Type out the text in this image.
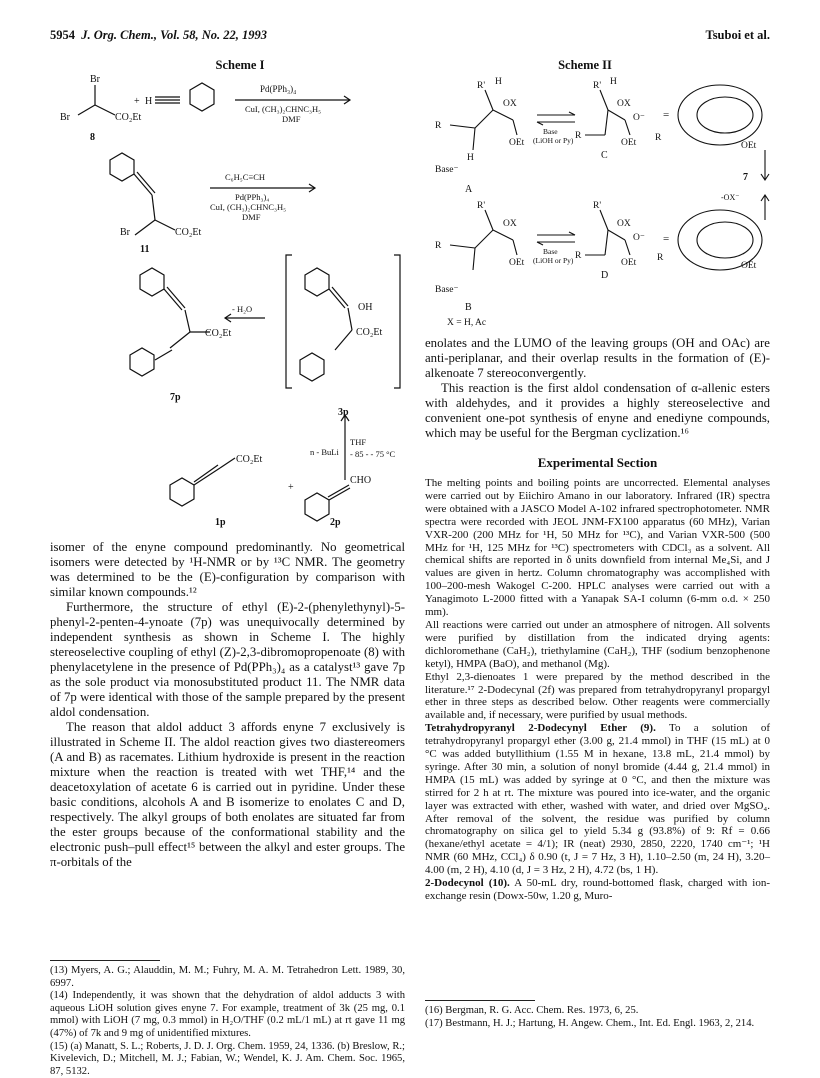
5954 J. Org. Chem., Vol. 58, No. 22, 1993	Tsuboi et al.
Scheme I
Br
Br	CO₂Et
8
+ H
Pd(PPh₃)₄
CuI, (CH₃)₂CHNC₃H₅
DMF
C₆H₅C≡CH
Pd(PPh₃)₄
CuI, (CH₃)₂CHNC₃H₅
DMF
Br	CO₂Et
11
- H₂O
CO₂Et
7p
OH
CO₂Et
3p
n - BuLi
THF
- 85 - - 75 °C
CO₂Et
+
CHO
1p	2p
Scheme II
R' H
OX
OEt
R
H
Base⁻
A
Base
(LiOH or Py)
R' H
OX
O⁻
OEt
R
C
=
R
OEt
7
-OX⁻
R'
OX
OEt
R
Base⁻
B
X = H, Ac
Base
(LiOH or Py)
R'
OX
O⁻
OEt
R
D
=
R
OEt

isomer of the enyne compound predominantly. No geometrical isomers were detected by ¹H-NMR or by ¹³C NMR. The geometry was determined to be the (E)-configuration by comparison with similar known compounds.¹²

Furthermore, the structure of ethyl (E)-2-(phenylethynyl)-5-phenyl-2-penten-4-ynoate (7p) was unequivocally determined by independent synthesis as shown in Scheme I. The highly stereoselective coupling of ethyl (Z)-2,3-dibromopropenoate (8) with phenylacetylene in the presence of Pd(PPh₃)₄ as a catalyst¹³ gave 7p as the sole product via monosubstituted product 11. The NMR data of 7p were identical with those of the sample prepared by the present aldol condensation.

The reason that aldol adduct 3 affords enyne 7 exclusively is illustrated in Scheme II. The aldol reaction gives two diastereomers (A and B) as racemates. Lithium hydroxide is present in the reaction mixture when the reaction is treated with wet THF,¹⁴ and the deacetoxylation of acetate 6 is carried out in pyridine. Under these basic conditions, alcohols A and B isomerize to enolates C and D, respectively. The alkyl groups of both enolates are situated far from the ester groups because of the conformational stability and the electronic push–pull effect¹⁵ between the alkyl and ester groups. The π-orbitals of the

(13) Myers, A. G.; Alauddin, M. M.; Fuhry, M. A. M. Tetrahedron Lett. 1989, 30, 6997.

(14) Independently, it was shown that the dehydration of aldol adducts 3 with aqueous LiOH solution gives enyne 7. For example, treatment of 3k (25 mg, 0.1 mmol) with LiOH (7 mg, 0.3 mmol) in H₂O/THF (0.2 mL/1 mL) at rt gave 11 mg (47%) of 7k and 9 mg of unidentified mixtures.

(15) (a) Manatt, S. L.; Roberts, J. D. J. Org. Chem. 1959, 24, 1336. (b) Breslow, R.; Kivelevich, D.; Mitchell, M. J.; Fabian, W.; Wendel, K. J. Am. Chem. Soc. 1965, 87, 5132.

enolates and the LUMO of the leaving groups (OH and OAc) are anti-periplanar, and their overlap results in the formation of (E)-alkenoate 7 stereoconvergently.

This reaction is the first aldol condensation of α-allenic esters with aldehydes, and it provides a highly stereoselective and convenient one-pot synthesis of enyne and enediyne compounds, which may be useful for the Bergman cyclization.¹⁶

Experimental Section

The melting points and boiling points are uncorrected. Elemental analyses were carried out by Eiichiro Amano in our laboratory. Infrared (IR) spectra were obtained with a JASCO Model A-102 infrared spectrophotometer. NMR spectra were recorded with JEOL JNM-FX100 apparatus (60 MHz), Varian VXR-200 (200 MHz for ¹H, 50 MHz for ¹³C), and Varian VXR-500 (500 MHz for ¹H, 125 MHz for ¹³C) spectrometers with CDCl₃ as a solvent. All chemical shifts are reported in δ units downfield from internal Me₄Si, and J values are given in hertz. Column chromatography was accomplished with 100–200-mesh Wakogel C-200. HPLC analyses were carried out with a Yanagimoto L-2000 fitted with a Yanapak SA-I column (6-mm o.d. × 250 mm).

All reactions were carried out under an atmosphere of nitrogen. All solvents were purified by distillation from the indicated drying agents: dichloromethane (CaH₂), triethylamine (CaH₂), THF (sodium benzophenone ketyl), HMPA (BaO), and methanol (Mg).

Ethyl 2,3-dienoates 1 were prepared by the method described in the literature.¹⁷ 2-Dodecynal (2f) was prepared from tetrahydropyranyl propargyl ether in three steps as described below. Other reagents were commercially available and, if necessary, were purified by usual methods.

Tetrahydropyranyl 2-Dodecynyl Ether (9). To a solution of tetrahydropyranyl propargyl ether (3.00 g, 21.4 mmol) in THF (15 mL) at 0 °C was added butyllithium (1.55 M in hexane, 13.8 mL, 21.4 mmol) by syringe. After 30 min, a solution of nonyl bromide (4.44 g, 21.4 mmol) in HMPA (15 mL) was added by syringe at 0 °C, and then the mixture was stirred for 2 h at rt. The mixture was poured into ice-water, and the organic layer was extracted with ether, washed with water, and dried over MgSO₄. After removal of the solvent, the residue was purified by column chromatography on silica gel to yield 5.34 g (93.8%) of 9: Rf = 0.66 (hexane/ethyl acetate = 4/1); IR (neat) 2930, 2850, 2220, 1740 cm⁻¹; ¹H NMR (60 MHz, CCl₄) δ 0.90 (t, J = 7 Hz, 3 H), 1.10–2.50 (m, 24 H), 3.20–4.00 (m, 2 H), 4.10 (d, J = 3 Hz, 2 H), 4.72 (bs, 1 H).

2-Dodecynol (10). A 50-mL dry, round-bottomed flask, charged with ion-exchange resin (Dowx-50w, 1.20 g, Muro-

(16) Bergman, R. G. Acc. Chem. Res. 1973, 6, 25.

(17) Bestmann, H. J.; Hartung, H. Angew. Chem., Int. Ed. Engl. 1963, 2, 214.
